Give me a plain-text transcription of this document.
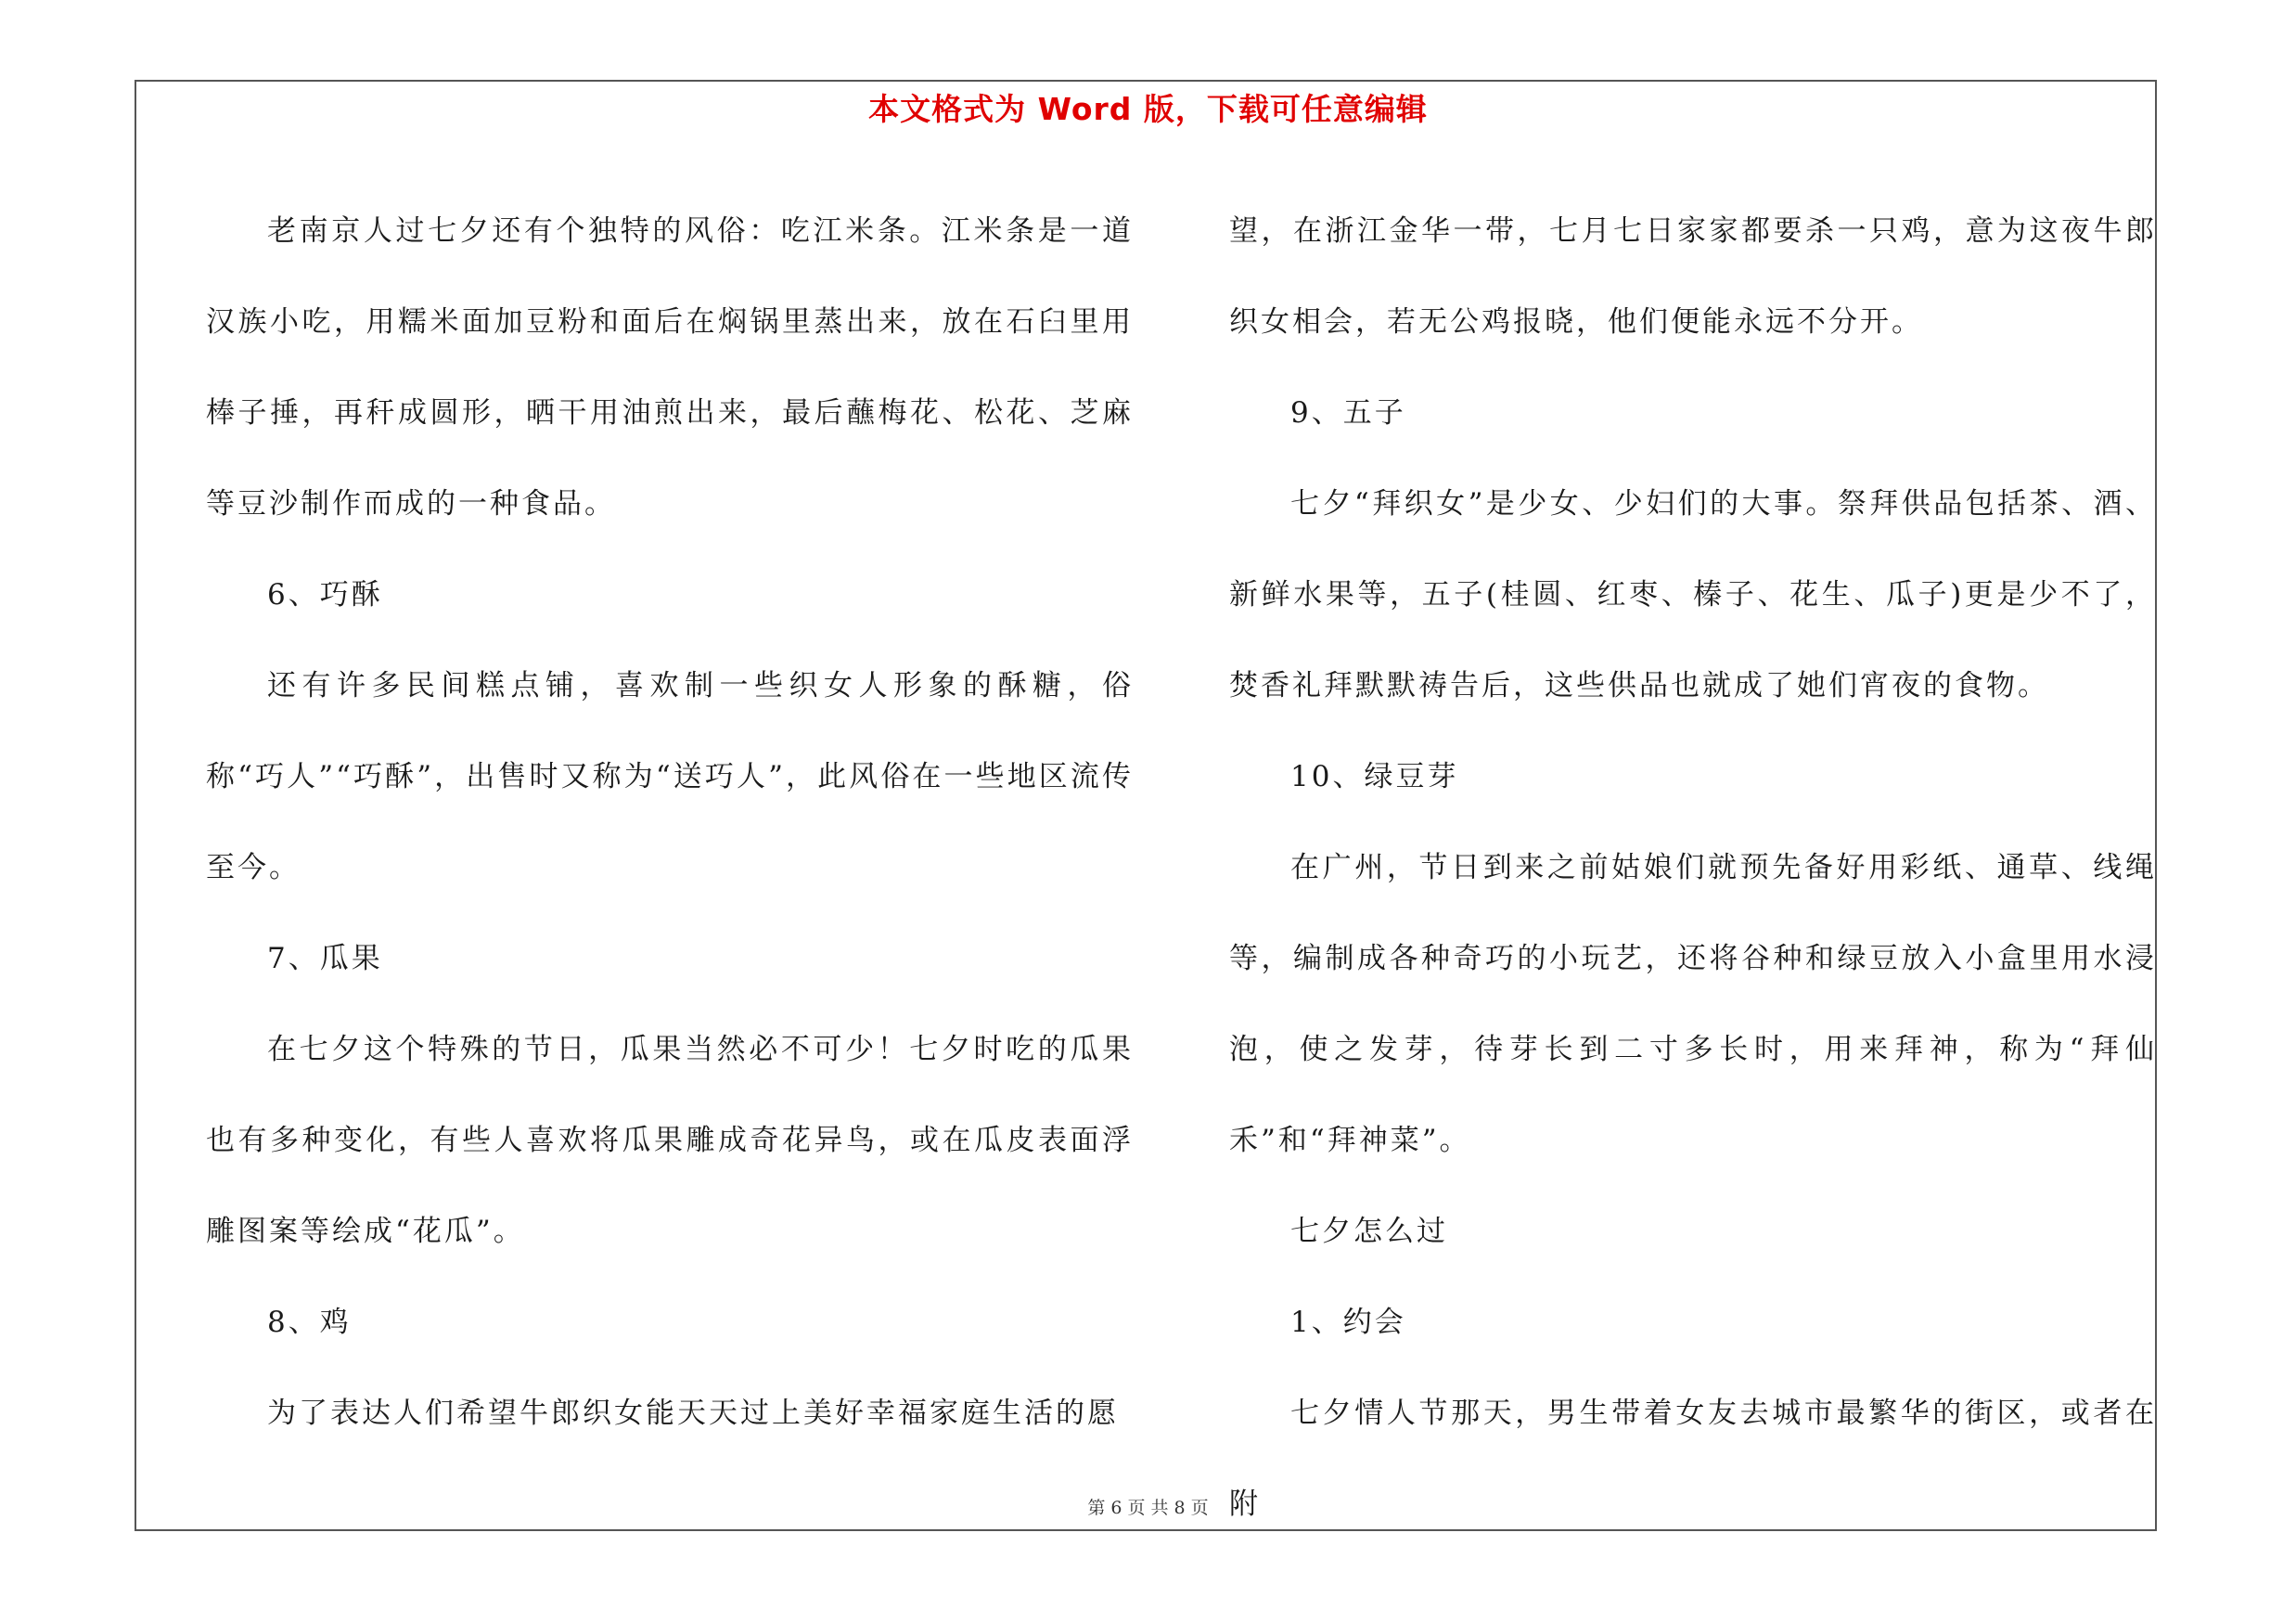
本文格式为 Word 版，下载可任意编辑

老南京人过七夕还有个独特的风俗：吃江米条。江米条是一道汉族小吃，用糯米面加豆粉和面后在焖锅里蒸出来，放在石臼里用棒子捶，再秆成圆形，晒干用油煎出来，最后蘸梅花、松花、芝麻等豆沙制作而成的一种食品。

6、巧酥

还有许多民间糕点铺，喜欢制一些织女人形象的酥糖，俗称“巧人”“巧酥”，出售时又称为“送巧人”，此风俗在一些地区流传至今。

7、瓜果

在七夕这个特殊的节日，瓜果当然必不可少！七夕时吃的瓜果也有多种变化，有些人喜欢将瓜果雕成奇花异鸟，或在瓜皮表面浮雕图案等绘成“花瓜”。

8、鸡

为了表达人们希望牛郎织女能天天过上美好幸福家庭生活的愿

望，在浙江金华一带，七月七日家家都要杀一只鸡，意为这夜牛郎织女相会，若无公鸡报晓，他们便能永远不分开。

9、五子

七夕“拜织女”是少女、少妇们的大事。祭拜供品包括茶、酒、新鲜水果等，五子(桂圆、红枣、榛子、花生、瓜子)更是少不了，焚香礼拜默默祷告后，这些供品也就成了她们宵夜的食物。

10、绿豆芽

在广州，节日到来之前姑娘们就预先备好用彩纸、通草、线绳等，编制成各种奇巧的小玩艺，还将谷种和绿豆放入小盒里用水浸泡，使之发芽，待芽长到二寸多长时，用来拜神，称为“拜仙禾”和“拜神菜”。

七夕怎么过

1、约会

七夕情人节那天，男生带着女友去城市最繁华的街区，或者在附

第 6 页 共 8 页
